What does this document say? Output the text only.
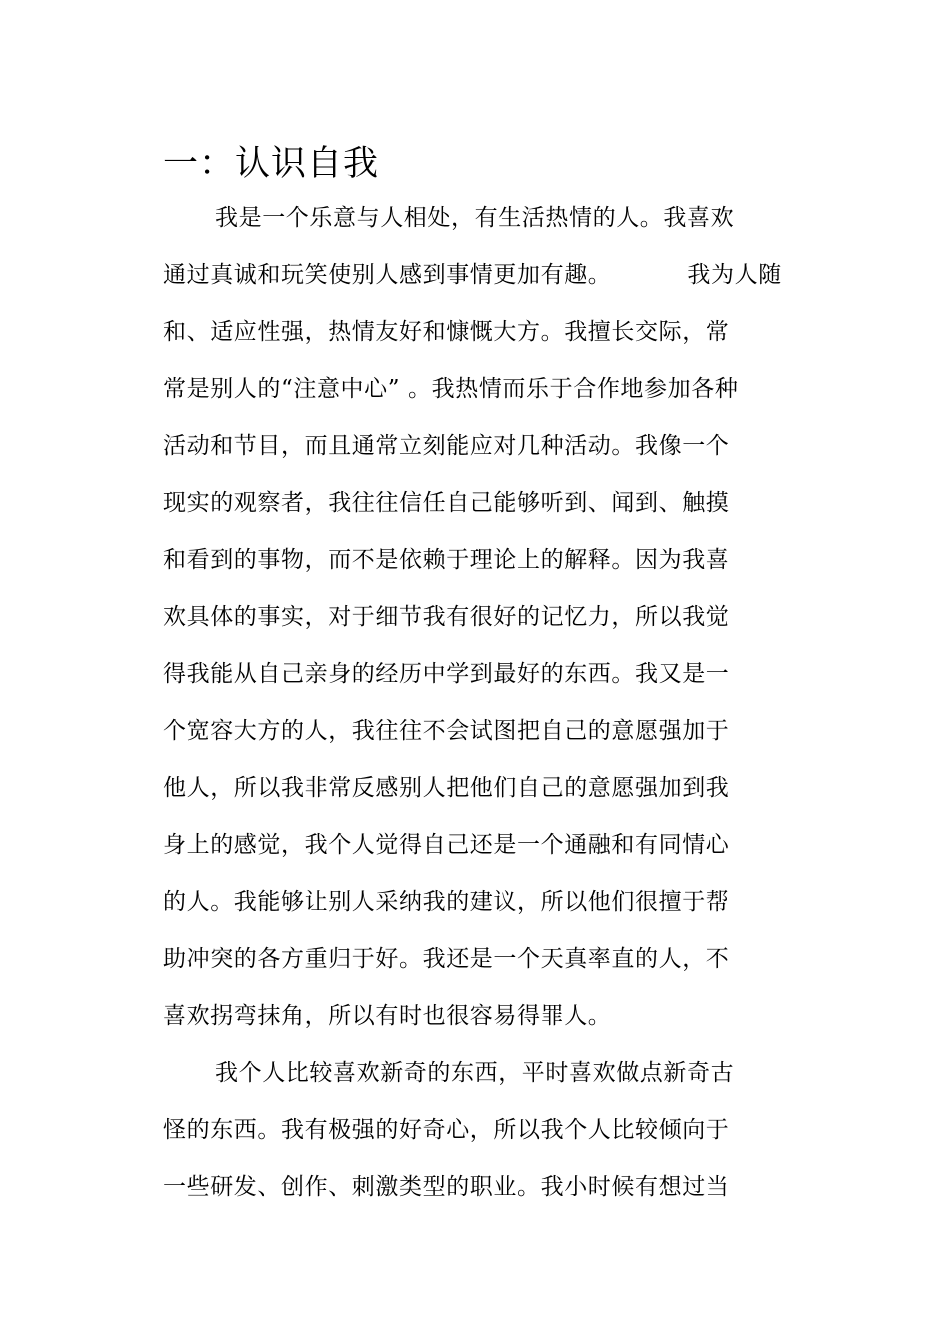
一：认识自我
我是一个乐意与人相处，有生活热情的人。我喜欢
通过真诚和玩笑使别人感到事情更加有趣。	我为人随
和、适应性强，热情友好和慷慨大方。我擅长交际，常
常是别人的“注意中心” 。我热情而乐于合作地参加各种
活动和节目，而且通常立刻能应对几种活动。我像一个
现实的观察者，我往往信任自己能够听到、闻到、触摸
和看到的事物，而不是依赖于理论上的解释。因为我喜
欢具体的事实，对于细节我有很好的记忆力，所以我觉
得我能从自己亲身的经历中学到最好的东西。我又是一
个宽容大方的人，我往往不会试图把自己的意愿强加于
他人，所以我非常反感别人把他们自己的意愿强加到我
身上的感觉，我个人觉得自己还是一个通融和有同情心
的人。我能够让别人采纳我的建议，所以他们很擅于帮
助冲突的各方重归于好。我还是一个天真率直的人，不
喜欢拐弯抹角，所以有时也很容易得罪人。
我个人比较喜欢新奇的东西，平时喜欢做点新奇古
怪的东西。我有极强的好奇心，所以我个人比较倾向于
一些研发、创作、刺激类型的职业。我小时候有想过当
